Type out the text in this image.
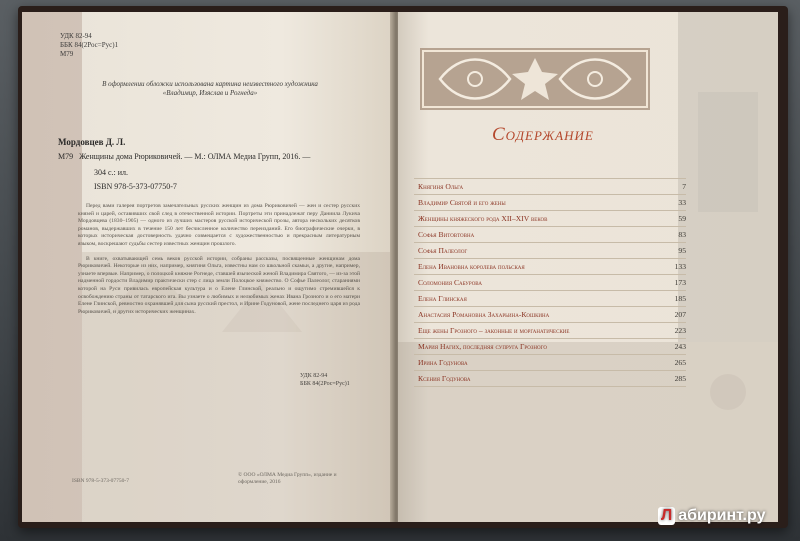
УДК 82-94
ББК 84(2Рос=Рус)1
М79
В оформлении обложки использована картина неизвестного художника
«Владимир, Изяслав и Рогнеда»
Мордовцев Д. Л.
М79 Женщины дома Рюриковичей. — М.: ОЛМА Медиа Групп, 2016. —
304 с.: ил.
ISBN 978-5-373-07750-7

Перед вами галерея портретов замечательных русских женщин из дома Рюриковичей — жен и сестер русских князей и царей, оставивших свой след в отечественной истории. Портреты эти принадлежат перу Даниила Лукича Мордовцева (1830–1905) — одного из лучших мастеров русской исторической прозы, автора нескольких десятков романов, выдержавших в течение 150 лет бесчисленное количество переизданий. Его биографические очерки, в которых историческая достоверность удачно совмещается с художественностью и прекрасным литературным языком, воскрешают судьбы сестер известных женщин прошлого.

В книге, охватывающей семь веков русской истории, собраны рассказы, посвященные женщинам дома Рюриковичей. Некоторые из них, например, княгиня Ольга, известны нам со школьной скамьи, а другие, например, узнаете впервые. Например, о полоцкой княжне Рогнеде, ставшей языческой женой Владимира Святого, — из-за этой надменной гордости Владимир практически стер с лица земли Полоцкое княжество. О Софье Палеолог, стараниями которой на Руси привилась европейская культура и о Елене Глинской, реально и ощутимо стремившейся к освобождению страны от татарского ига. Вы узнаете о любимых и нелюбимых женах Ивана Грозного и о его матери Елене Глинской, ревностно охранявшей для сына русский престол, и Ирине Годуновой, жене последнего царя из рода Рюриковичей, и других исторических женщинах.

УДК 82-94
ББК 84(2Рос=Рус)1
ISBN 978-5-373-07750-7
© ООО «ОЛМА Медиа Групп», издание и оформление, 2016
Содержание
Княгиня Ольга	7
Владимир Святой и его жены	33
Женщины княжеского рода XII–XIV веков	59
Софья Витовтовна	83
Софья Палеолог	95
Елена Ивановна королева польская	133
Соломония Сабурова	173
Елена Глинская	185
Анастасия Романовна Захарьина-Кошкина	207
Еще жены Грозного – законные и морганатические	223
Мария Нагих, последняя супруга Грозного	243
Ирина Годунова	265
Ксения Годунова	285
Л абиринт.ру
